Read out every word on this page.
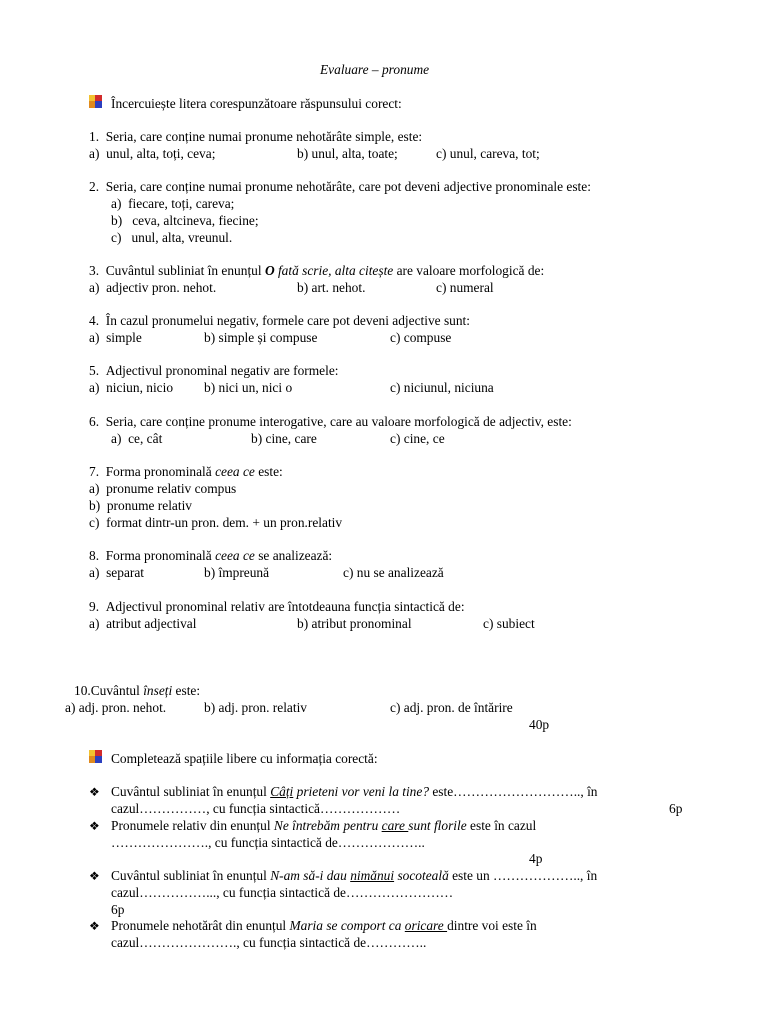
Evaluare – pronume
Încercuiește litera corespunzătoare răspunsului corect:
1.  Seria, care conține numai pronume nehotărâte simple, este:
a)  unul, alta, toți, ceva;	b) unul, alta, toate;	c) unul, careva, tot;
2.  Seria, care conține numai pronume nehotărâte, care pot deveni adjective pronominale este:
a)  fiecare, toți, careva;
b)   ceva, altcineva, fiecine;
c)   unul, alta, vreunul.
3.  Cuvântul subliniat în enunțul O fată scrie, alta citește are valoare morfologică de:
a)  adjectiv pron. nehot.	b) art. nehot.	c) numeral
4.  În cazul pronumelui negativ, formele care pot deveni adjective sunt:
a)  simple	b) simple și compuse	c) compuse
5.  Adjectivul pronominal negativ are formele:
a)  niciun, nicio b) nici un, nici o	c) niciunul, niciuna
6.  Seria, care conține pronume interogative, care au valoare morfologică de adjectiv, este:
a)  ce, cât	b) cine, care	c) cine, ce
7.  Forma pronominală ceea ce este:
a)  pronume relativ compus
b)  pronume relativ
c)  format dintr-un pron. dem. + un pron.relativ
8.  Forma pronominală ceea ce se analizează:
a)  separat	b) împreună	c) nu se analizează
9.  Adjectivul pronominal relativ are întotdeauna funcția sintactică de:
a)  atribut adjectival	b) atribut pronominal	c) subiect
10.Cuvântul înseți este:
a) adj. pron. nehot.	b) adj. pron. relativ	c) adj. pron. de întărire
40p
Completează spațiile libere cu informația corectă:
❖ Cuvântul subliniat în enunțul Câți prieteni vor veni la tine? este……………………….., în
cazul……………, cu funcția sintactică………………	6p
❖ Pronumele relativ din enunțul Ne întrebăm pentru care sunt florile este în cazul
…………………., cu funcția sintactică de………………..
4p
❖ Cuvântul subliniat în enunțul N-am să-i dau nimănui socoteală este un ……………….., în
cazul……………..., cu funcția sintactică de……………………
6p
❖ Pronumele nehotărât din enunțul Maria se comport ca oricare dintre voi este în
cazul…………………., cu funcția sintactică de…………..
